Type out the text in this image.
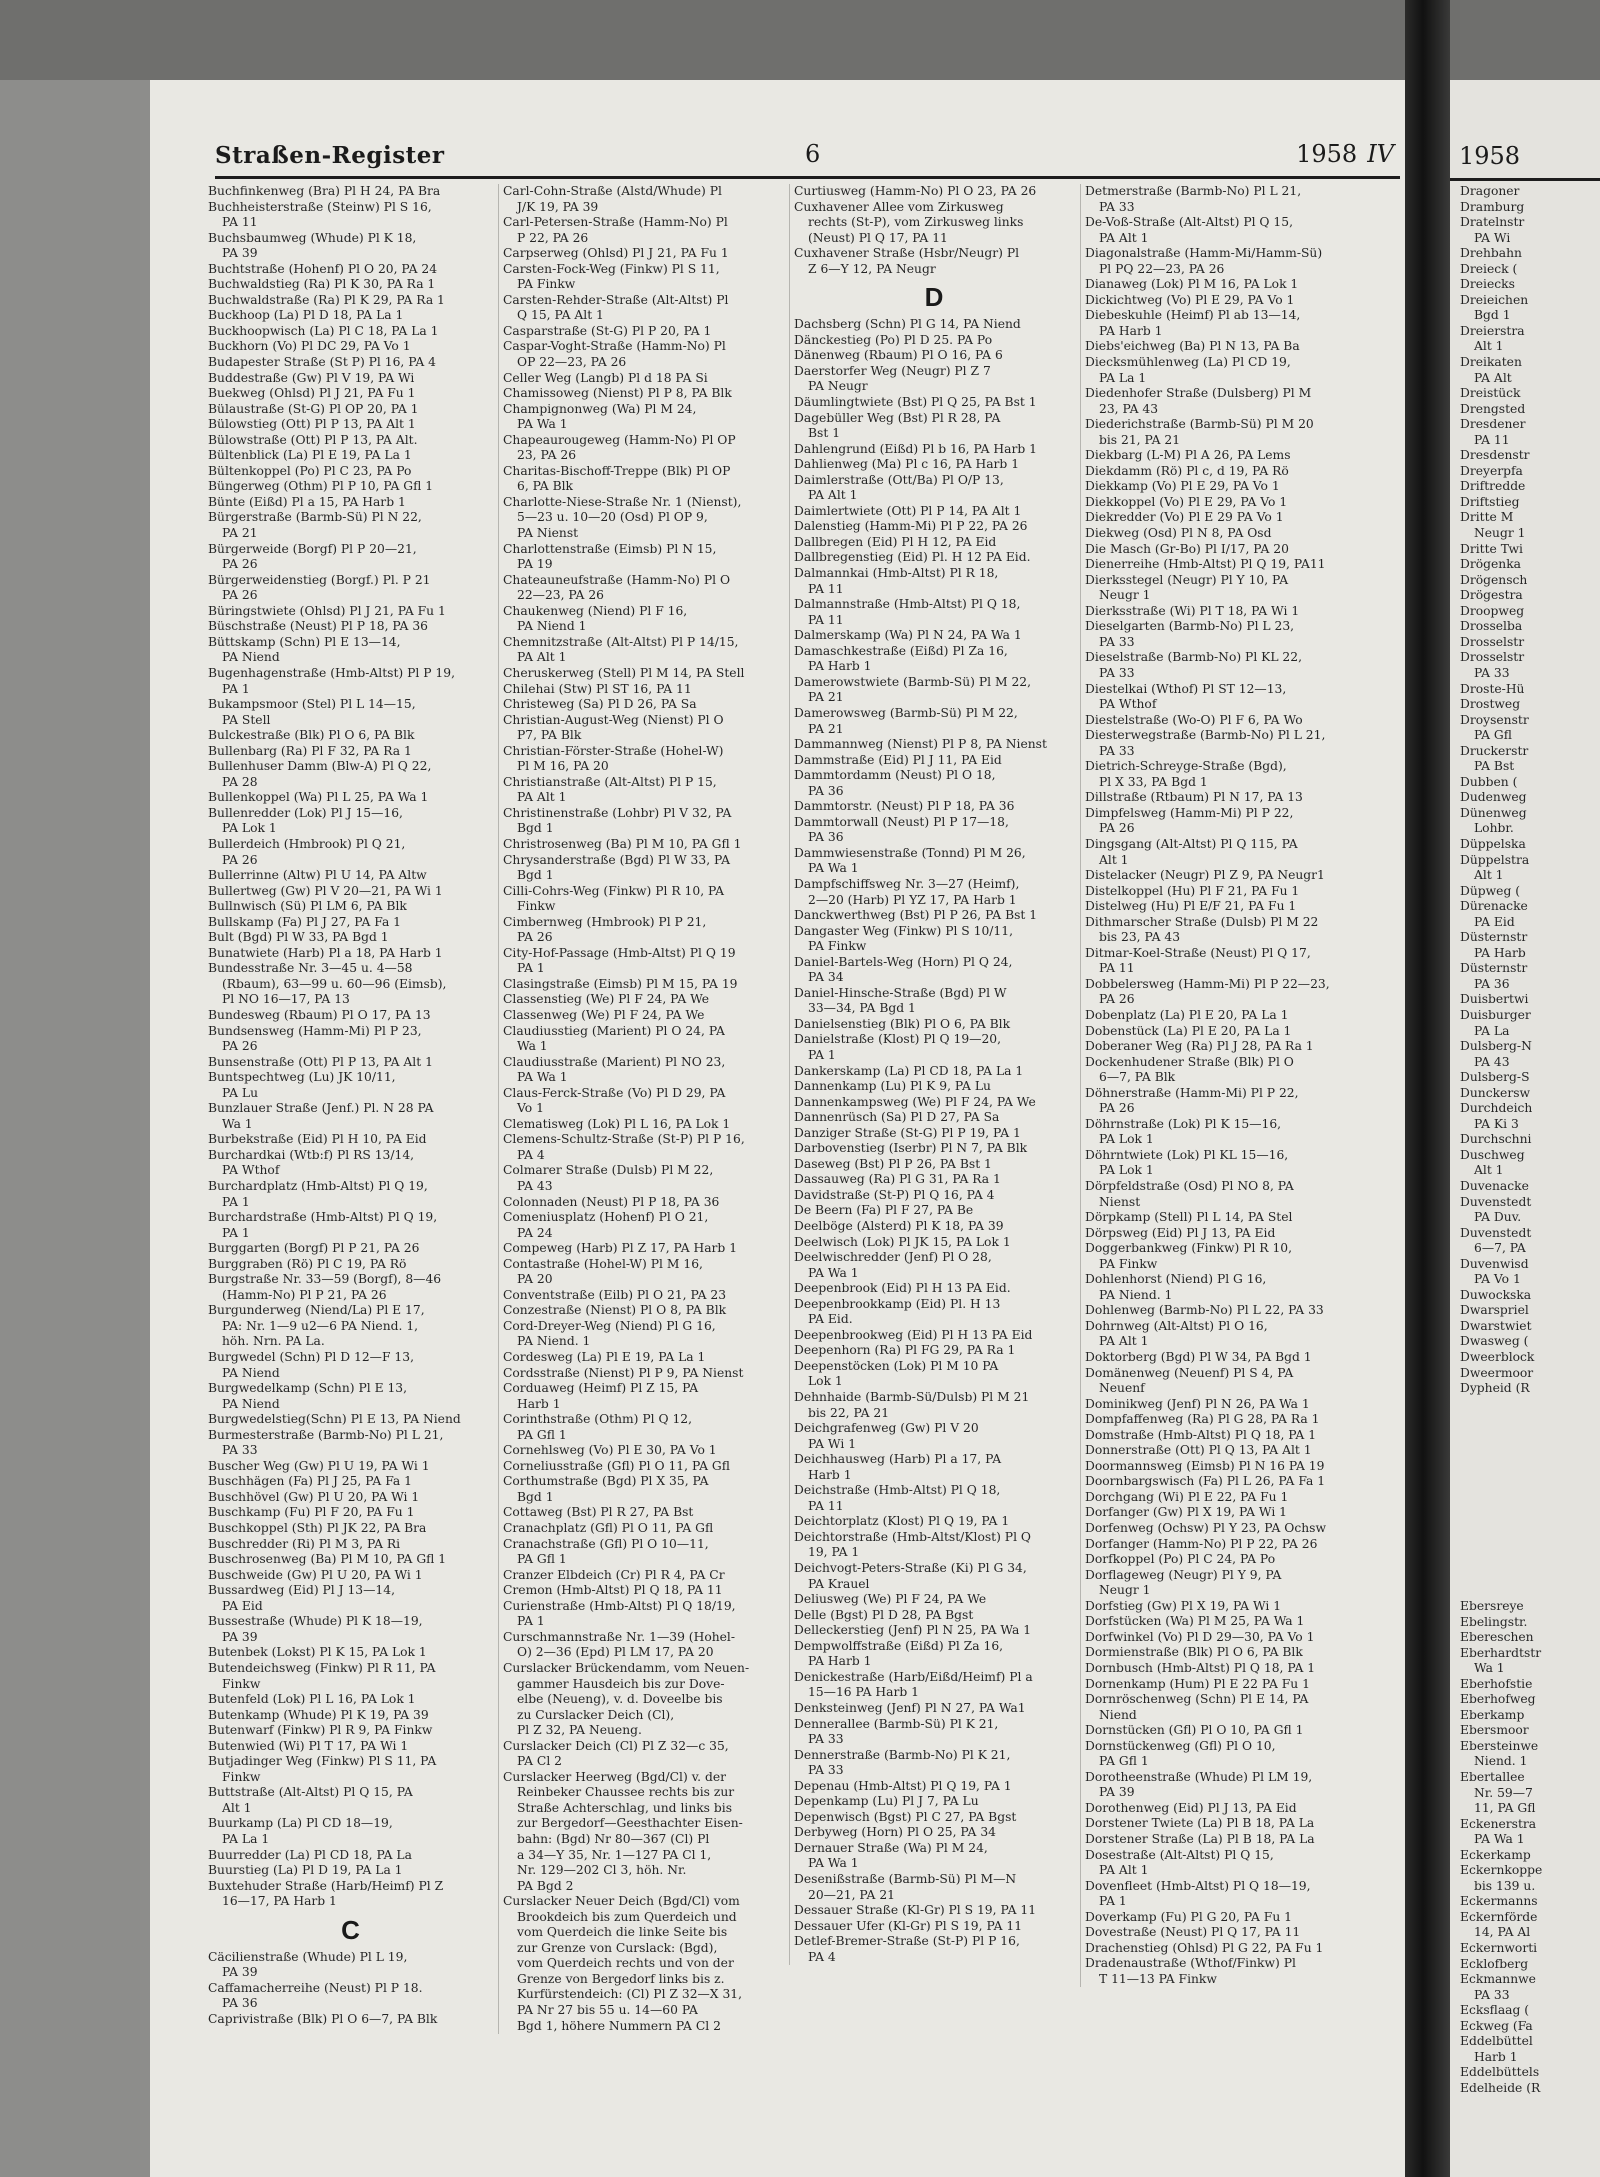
Straßen-Register	6	1958 IV
Buchfinkenweg (Bra) Pl H 24, PA Bra
Buchheisterstraße (Steinw) Pl S 16,
PA 11
Buchsbaumweg (Whude) Pl K 18,
PA 39
Buchtstraße (Hohenf) Pl O 20, PA 24
Buchwaldstieg (Ra) Pl K 30, PA Ra 1
Buchwaldstraße (Ra) Pl K 29, PA Ra 1
Buckhoop (La) Pl D 18, PA La 1
Buckhoopwisch (La) Pl C 18, PA La 1
Buckhorn (Vo) Pl DC 29, PA Vo 1
Budapester Straße (St P) Pl 16, PA 4
Buddestraße (Gw) Pl V 19, PA Wi
Buekweg (Ohlsd) Pl J 21, PA Fu 1
Bülaustraße (St-G) Pl OP 20, PA 1
Bülowstieg (Ott) Pl P 13, PA Alt 1
Bülowstraße (Ott) Pl P 13, PA Alt.
Bültenblick (La) Pl E 19, PA La 1
Bültenkoppel (Po) Pl C 23, PA Po
Büngerweg (Othm) Pl P 10, PA Gfl 1
Bünte (Eißd) Pl a 15, PA Harb 1
Bürgerstraße (Barmb-Sü) Pl N 22,
PA 21
Bürgerweide (Borgf) Pl P 20—21,
PA 26
Bürgerweidenstieg (Borgf.) Pl. P 21
PA 26
Büringstwiete (Ohlsd) Pl J 21, PA Fu 1
Büschstraße (Neust) Pl P 18, PA 36
Büttskamp (Schn) Pl E 13—14,
PA Niend
Bugenhagenstraße (Hmb-Altst) Pl P 19,
PA 1
Bukampsmoor (Stel) Pl L 14—15,
PA Stell
Bulckestraße (Blk) Pl O 6, PA Blk
Bullenbarg (Ra) Pl F 32, PA Ra 1
Bullenhuser Damm (Blw-A) Pl Q 22,
PA 28
Bullenkoppel (Wa) Pl L 25, PA Wa 1
Bullenredder (Lok) Pl J 15—16,
PA Lok 1
Bullerdeich (Hmbrook) Pl Q 21,
PA 26
Bullerrinne (Altw) Pl U 14, PA Altw
Bullertweg (Gw) Pl V 20—21, PA Wi 1
Bullnwisch (Sü) Pl LM 6, PA Blk
Bullskamp (Fa) Pl J 27, PA Fa 1
Bult (Bgd) Pl W 33, PA Bgd 1
Bunatwiete (Harb) Pl a 18, PA Harb 1
Bundesstraße Nr. 3—45 u. 4—58
(Rbaum), 63—99 u. 60—96 (Eimsb),
Pl NO 16—17, PA 13
Bundesweg (Rbaum) Pl O 17, PA 13
Bundsensweg (Hamm-Mi) Pl P 23,
PA 26
Bunsenstraße (Ott) Pl P 13, PA Alt 1
Buntspechtweg (Lu) JK 10/11,
PA Lu
Bunzlauer Straße (Jenf.) Pl. N 28 PA
Wa 1
Burbekstraße (Eid) Pl H 10, PA Eid
Burchardkai (Wtb:f) Pl RS 13/14,
PA Wthof
Burchardplatz (Hmb-Altst) Pl Q 19,
PA 1
Burchardstraße (Hmb-Altst) Pl Q 19,
PA 1
Burggarten (Borgf) Pl P 21, PA 26
Burggraben (Rö) Pl C 19, PA Rö
Burgstraße Nr. 33—59 (Borgf), 8—46
(Hamm-No) Pl P 21, PA 26
Burgunderweg (Niend/La) Pl E 17,
PA: Nr. 1—9 u2—6 PA Niend. 1,
höh. Nrn. PA La.
Burgwedel (Schn) Pl D 12—F 13,
PA Niend
Burgwedelkamp (Schn) Pl E 13,
PA Niend
Burgwedelstieg(Schn) Pl E 13, PA Niend
Burmesterstraße (Barmb-No) Pl L 21,
PA 33
Buscher Weg (Gw) Pl U 19, PA Wi 1
Buschhägen (Fa) Pl J 25, PA Fa 1
Buschhövel (Gw) Pl U 20, PA Wi 1
Buschkamp (Fu) Pl F 20, PA Fu 1
Buschkoppel (Sth) Pl JK 22, PA Bra
Buschredder (Ri) Pl M 3, PA Ri
Buschrosenweg (Ba) Pl M 10, PA Gfl 1
Buschweide (Gw) Pl U 20, PA Wi 1
Bussardweg (Eid) Pl J 13—14,
PA Eid
Bussestraße (Whude) Pl K 18—19,
PA 39
Butenbek (Lokst) Pl K 15, PA Lok 1
Butendeichsweg (Finkw) Pl R 11, PA
Finkw
Butenfeld (Lok) Pl L 16, PA Lok 1
Butenkamp (Whude) Pl K 19, PA 39
Butenwarf (Finkw) Pl R 9, PA Finkw
Butenwied (Wi) Pl T 17, PA Wi 1
Butjadinger Weg (Finkw) Pl S 11, PA
Finkw
Buttstraße (Alt-Altst) Pl Q 15, PA
Alt 1
Buurkamp (La) Pl CD 18—19,
PA La 1
Buurredder (La) Pl CD 18, PA La
Buurstieg (La) Pl D 19, PA La 1
Buxtehuder Straße (Harb/Heimf) Pl Z
16—17, PA Harb 1
C
Cäcilienstraße (Whude) Pl L 19,
PA 39
Caffamacherreihe (Neust) Pl P 18.
PA 36
Caprivistraße (Blk) Pl O 6—7, PA Blk
Carl-Cohn-Straße (Alstd/Whude) Pl
J/K 19, PA 39
Carl-Petersen-Straße (Hamm-No) Pl
P 22, PA 26
Carpserweg (Ohlsd) Pl J 21, PA Fu 1
Carsten-Fock-Weg (Finkw) Pl S 11,
PA Finkw
Carsten-Rehder-Straße (Alt-Altst) Pl
Q 15, PA Alt 1
Casparstraße (St-G) Pl P 20, PA 1
Caspar-Voght-Straße (Hamm-No) Pl
OP 22—23, PA 26
Celler Weg (Langb) Pl d 18 PA Si
Chamissoweg (Nienst) Pl P 8, PA Blk
Champignonweg (Wa) Pl M 24,
PA Wa 1
Chapeaurougeweg (Hamm-No) Pl OP
23, PA 26
Charitas-Bischoff-Treppe (Blk) Pl OP
6, PA Blk
Charlotte-Niese-Straße Nr. 1 (Nienst),
5—23 u. 10—20 (Osd) Pl OP 9,
PA Nienst
Charlottenstraße (Eimsb) Pl N 15,
PA 19
Chateauneufstraße (Hamm-No) Pl O
22—23, PA 26
Chaukenweg (Niend) Pl F 16,
PA Niend 1
Chemnitzstraße (Alt-Altst) Pl P 14/15,
PA Alt 1
Cheruskerweg (Stell) Pl M 14, PA Stell
Chilehai (Stw) Pl ST 16, PA 11
Christeweg (Sa) Pl D 26, PA Sa
Christian-August-Weg (Nienst) Pl O
P7, PA Blk
Christian-Förster-Straße (Hohel-W)
Pl M 16, PA 20
Christianstraße (Alt-Altst) Pl P 15,
PA Alt 1
Christinenstraße (Lohbr) Pl V 32, PA
Bgd 1
Christrosenweg (Ba) Pl M 10, PA Gfl 1
Chrysanderstraße (Bgd) Pl W 33, PA
Bgd 1
Cilli-Cohrs-Weg (Finkw) Pl R 10, PA
Finkw
Cimbernweg (Hmbrook) Pl P 21,
PA 26
City-Hof-Passage (Hmb-Altst) Pl Q 19
PA 1
Clasingstraße (Eimsb) Pl M 15, PA 19
Classenstieg (We) Pl F 24, PA We
Classenweg (We) Pl F 24, PA We
Claudiusstieg (Marient) Pl O 24, PA
Wa 1
Claudiusstraße (Marient) Pl NO 23,
PA Wa 1
Claus-Ferck-Straße (Vo) Pl D 29, PA
Vo 1
Clematisweg (Lok) Pl L 16, PA Lok 1
Clemens-Schultz-Straße (St-P) Pl P 16,
PA 4
Colmarer Straße (Dulsb) Pl M 22,
PA 43
Colonnaden (Neust) Pl P 18, PA 36
Comeniusplatz (Hohenf) Pl O 21,
PA 24
Compeweg (Harb) Pl Z 17, PA Harb 1
Contastraße (Hohel-W) Pl M 16,
PA 20
Conventstraße (Eilb) Pl O 21, PA 23
Conzestraße (Nienst) Pl O 8, PA Blk
Cord-Dreyer-Weg (Niend) Pl G 16,
PA Niend. 1
Cordesweg (La) Pl E 19, PA La 1
Cordsstraße (Nienst) Pl P 9, PA Nienst
Corduaweg (Heimf) Pl Z 15, PA
Harb 1
Corinthstraße (Othm) Pl Q 12,
PA Gfl 1
Cornehlsweg (Vo) Pl E 30, PA Vo 1
Corneliusstraße (Gfl) Pl O 11, PA Gfl
Corthumstraße (Bgd) Pl X 35, PA
Bgd 1
Cottaweg (Bst) Pl R 27, PA Bst
Cranachplatz (Gfl) Pl O 11, PA Gfl
Cranachstraße (Gfl) Pl O 10—11,
PA Gfl 1
Cranzer Elbdeich (Cr) Pl R 4, PA Cr
Cremon (Hmb-Altst) Pl Q 18, PA 11
Curienstraße (Hmb-Altst) Pl Q 18/19,
PA 1
Curschmannstraße Nr. 1—39 (Hohel-
O) 2—36 (Epd) Pl LM 17, PA 20
Curslacker Brückendamm, vom Neuen-
gammer Hausdeich bis zur Dove-
elbe (Neueng), v. d. Doveelbe bis
zu Curslacker Deich (Cl),
Pl Z 32, PA Neueng.
Curslacker Deich (Cl) Pl Z 32—c 35,
PA Cl 2
Curslacker Heerweg (Bgd/Cl) v. der
Reinbeker Chaussee rechts bis zur
Straße Achterschlag, und links bis
zur Bergedorf—Geesthachter Eisen-
bahn: (Bgd) Nr 80—367 (Cl) Pl
a 34—Y 35, Nr. 1—127 PA Cl 1,
Nr. 129—202 Cl 3, höh. Nr.
PA Bgd 2
Curslacker Neuer Deich (Bgd/Cl) vom
Brookdeich bis zum Querdeich und
vom Querdeich die linke Seite bis
zur Grenze von Curslack: (Bgd),
vom Querdeich rechts und von der
Grenze von Bergedorf links bis z.
Kurfürstendeich: (Cl) Pl Z 32—X 31,
PA Nr 27 bis 55 u. 14—60 PA
Bgd 1, höhere Nummern PA Cl 2
Curtiusweg (Hamm-No) Pl O 23, PA 26
Cuxhavener Allee vom Zirkusweg
rechts (St-P), vom Zirkusweg links
(Neust) Pl Q 17, PA 11
Cuxhavener Straße (Hsbr/Neugr) Pl
Z 6—Y 12, PA Neugr
D
Dachsberg (Schn) Pl G 14, PA Niend
Dänckestieg (Po) Pl D 25. PA Po
Dänenweg (Rbaum) Pl O 16, PA 6
Daerstorfer Weg (Neugr) Pl Z 7
PA Neugr
Däumlingtwiete (Bst) Pl Q 25, PA Bst 1
Dagebüller Weg (Bst) Pl R 28, PA
Bst 1
Dahlengrund (Eißd) Pl b 16, PA Harb 1
Dahlienweg (Ma) Pl c 16, PA Harb 1
Daimlerstraße (Ott/Ba) Pl O/P 13,
PA Alt 1
Daimlertwiete (Ott) Pl P 14, PA Alt 1
Dalenstieg (Hamm-Mi) Pl P 22, PA 26
Dallbregen (Eid) Pl H 12, PA Eid
Dallbregenstieg (Eid) Pl. H 12 PA Eid.
Dalmannkai (Hmb-Altst) Pl R 18,
PA 11
Dalmannstraße (Hmb-Altst) Pl Q 18,
PA 11
Dalmerskamp (Wa) Pl N 24, PA Wa 1
Damaschkestraße (Eißd) Pl Za 16,
PA Harb 1
Damerowstwiete (Barmb-Sü) Pl M 22,
PA 21
Damerowsweg (Barmb-Sü) Pl M 22,
PA 21
Dammannweg (Nienst) Pl P 8, PA Nienst
Dammstraße (Eid) Pl J 11, PA Eid
Dammtordamm (Neust) Pl O 18,
PA 36
Dammtorstr. (Neust) Pl P 18, PA 36
Dammtorwall (Neust) Pl P 17—18,
PA 36
Dammwiesenstraße (Tonnd) Pl M 26,
PA Wa 1
Dampfschiffsweg Nr. 3—27 (Heimf),
2—20 (Harb) Pl YZ 17, PA Harb 1
Danckwerthweg (Bst) Pl P 26, PA Bst 1
Dangaster Weg (Finkw) Pl S 10/11,
PA Finkw
Daniel-Bartels-Weg (Horn) Pl Q 24,
PA 34
Daniel-Hinsche-Straße (Bgd) Pl W
33—34, PA Bgd 1
Danielsenstieg (Blk) Pl O 6, PA Blk
Danielstraße (Klost) Pl Q 19—20,
PA 1
Dankerskamp (La) Pl CD 18, PA La 1
Dannenkamp (Lu) Pl K 9, PA Lu
Dannenkampsweg (We) Pl F 24, PA We
Dannenrüsch (Sa) Pl D 27, PA Sa
Danziger Straße (St-G) Pl P 19, PA 1
Darbovenstieg (Iserbr) Pl N 7, PA Blk
Daseweg (Bst) Pl P 26, PA Bst 1
Dassauweg (Ra) Pl G 31, PA Ra 1
Davidstraße (St-P) Pl Q 16, PA 4
De Beern (Fa) Pl F 27, PA Be
Deelböge (Alsterd) Pl K 18, PA 39
Deelwisch (Lok) Pl JK 15, PA Lok 1
Deelwischredder (Jenf) Pl O 28,
PA Wa 1
Deepenbrook (Eid) Pl H 13 PA Eid.
Deepenbrookkamp (Eid) Pl. H 13
PA Eid.
Deepenbrookweg (Eid) Pl H 13 PA Eid
Deepenhorn (Ra) Pl FG 29, PA Ra 1
Deepenstöcken (Lok) Pl M 10 PA
Lok 1
Dehnhaide (Barmb-Sü/Dulsb) Pl M 21
bis 22, PA 21
Deichgrafenweg (Gw) Pl V 20
PA Wi 1
Deichhausweg (Harb) Pl a 17, PA
Harb 1
Deichstraße (Hmb-Altst) Pl Q 18,
PA 11
Deichtorplatz (Klost) Pl Q 19, PA 1
Deichtorstraße (Hmb-Altst/Klost) Pl Q
19, PA 1
Deichvogt-Peters-Straße (Ki) Pl G 34,
PA Krauel
Deliusweg (We) Pl F 24, PA We
Delle (Bgst) Pl D 28, PA Bgst
Delleckerstieg (Jenf) Pl N 25, PA Wa 1
Dempwolffstraße (Eißd) Pl Za 16,
PA Harb 1
Denickestraße (Harb/Eißd/Heimf) Pl a
15—16 PA Harb 1
Denksteinweg (Jenf) Pl N 27, PA Wa1
Dennerallee (Barmb-Sü) Pl K 21,
PA 33
Dennerstraße (Barmb-No) Pl K 21,
PA 33
Depenau (Hmb-Altst) Pl Q 19, PA 1
Depenkamp (Lu) Pl J 7, PA Lu
Depenwisch (Bgst) Pl C 27, PA Bgst
Derbyweg (Horn) Pl O 25, PA 34
Dernauer Straße (Wa) Pl M 24,
PA Wa 1
Desenißstraße (Barmb-Sü) Pl M—N
20—21, PA 21
Dessauer Straße (Kl-Gr) Pl S 19, PA 11
Dessauer Ufer (Kl-Gr) Pl S 19, PA 11
Detlef-Bremer-Straße (St-P) Pl P 16,
PA 4
Detmerstraße (Barmb-No) Pl L 21,
PA 33
De-Voß-Straße (Alt-Altst) Pl Q 15,
PA Alt 1
Diagonalstraße (Hamm-Mi/Hamm-Sü)
Pl PQ 22—23, PA 26
Dianaweg (Lok) Pl M 16, PA Lok 1
Dickichtweg (Vo) Pl E 29, PA Vo 1
Diebeskuhle (Heimf) Pl ab 13—14,
PA Harb 1
Diebs'eichweg (Ba) Pl N 13, PA Ba
Diecksmühlenweg (La) Pl CD 19,
PA La 1
Diedenhofer Straße (Dulsberg) Pl M
23, PA 43
Diederichstraße (Barmb-Sü) Pl M 20
bis 21, PA 21
Diekbarg (L-M) Pl A 26, PA Lems
Diekdamm (Rö) Pl c, d 19, PA Rö
Diekkamp (Vo) Pl E 29, PA Vo 1
Diekkoppel (Vo) Pl E 29, PA Vo 1
Diekredder (Vo) Pl E 29 PA Vo 1
Diekweg (Osd) Pl N 8, PA Osd
Die Masch (Gr-Bo) Pl I/17, PA 20
Dienerreihe (Hmb-Altst) Pl Q 19, PA11
Dierksstegel (Neugr) Pl Y 10, PA
Neugr 1
Dierksstraße (Wi) Pl T 18, PA Wi 1
Dieselgarten (Barmb-No) Pl L 23,
PA 33
Dieselstraße (Barmb-No) Pl KL 22,
PA 33
Diestelkai (Wthof) Pl ST 12—13,
PA Wthof
Diestelstraße (Wo-O) Pl F 6, PA Wo
Diesterwegstraße (Barmb-No) Pl L 21,
PA 33
Dietrich-Schreyge-Straße (Bgd),
Pl X 33, PA Bgd 1
Dillstraße (Rtbaum) Pl N 17, PA 13
Dimpfelsweg (Hamm-Mi) Pl P 22,
PA 26
Dingsgang (Alt-Altst) Pl Q 115, PA
Alt 1
Distelacker (Neugr) Pl Z 9, PA Neugr1
Distelkoppel (Hu) Pl F 21, PA Fu 1
Distelweg (Hu) Pl E/F 21, PA Fu 1
Dithmarscher Straße (Dulsb) Pl M 22
bis 23, PA 43
Ditmar-Koel-Straße (Neust) Pl Q 17,
PA 11
Dobbelersweg (Hamm-Mi) Pl P 22—23,
PA 26
Dobenplatz (La) Pl E 20, PA La 1
Dobenstück (La) Pl E 20, PA La 1
Doberaner Weg (Ra) Pl J 28, PA Ra 1
Dockenhudener Straße (Blk) Pl O
6—7, PA Blk
Döhnerstraße (Hamm-Mi) Pl P 22,
PA 26
Döhrnstraße (Lok) Pl K 15—16,
PA Lok 1
Döhrntwiete (Lok) Pl KL 15—16,
PA Lok 1
Dörpfeldstraße (Osd) Pl NO 8, PA
Nienst
Dörpkamp (Stell) Pl L 14, PA Stel
Dörpsweg (Eid) Pl J 13, PA Eid
Doggerbankweg (Finkw) Pl R 10,
PA Finkw
Dohlenhorst (Niend) Pl G 16,
PA Niend. 1
Dohlenweg (Barmb-No) Pl L 22, PA 33
Dohrnweg (Alt-Altst) Pl O 16,
PA Alt 1
Doktorberg (Bgd) Pl W 34, PA Bgd 1
Domänenweg (Neuenf) Pl S 4, PA
Neuenf
Dominikweg (Jenf) Pl N 26, PA Wa 1
Dompfaffenweg (Ra) Pl G 28, PA Ra 1
Domstraße (Hmb-Altst) Pl Q 18, PA 1
Donnerstraße (Ott) Pl Q 13, PA Alt 1
Doormannsweg (Eimsb) Pl N 16 PA 19
Doornbargswisch (Fa) Pl L 26, PA Fa 1
Dorchgang (Wi) Pl E 22, PA Fu 1
Dorfanger (Gw) Pl X 19, PA Wi 1
Dorfenweg (Ochsw) Pl Y 23, PA Ochsw
Dorfanger (Hamm-No) Pl P 22, PA 26
Dorfkoppel (Po) Pl C 24, PA Po
Dorflageweg (Neugr) Pl Y 9, PA
Neugr 1
Dorfstieg (Gw) Pl X 19, PA Wi 1
Dorfstücken (Wa) Pl M 25, PA Wa 1
Dorfwinkel (Vo) Pl D 29—30, PA Vo 1
Dormienstraße (Blk) Pl O 6, PA Blk
Dornbusch (Hmb-Altst) Pl Q 18, PA 1
Dornenkamp (Hum) Pl E 22 PA Fu 1
Dornröschenweg (Schn) Pl E 14, PA
Niend
Dornstücken (Gfl) Pl O 10, PA Gfl 1
Dornstückenweg (Gfl) Pl O 10,
PA Gfl 1
Dorotheenstraße (Whude) Pl LM 19,
PA 39
Dorothenweg (Eid) Pl J 13, PA Eid
Dorstener Twiete (La) Pl B 18, PA La
Dorstener Straße (La) Pl B 18, PA La
Dosestraße (Alt-Altst) Pl Q 15,
PA Alt 1
Dovenfleet (Hmb-Altst) Pl Q 18—19,
PA 1
Doverkamp (Fu) Pl G 20, PA Fu 1
Dovestraße (Neust) Pl Q 17, PA 11
Drachenstieg (Ohlsd) Pl G 22, PA Fu 1
Dradenaustraße (Wthof/Finkw) Pl
T 11—13 PA Finkw
1958
Dragoner
Dramburg
Dratelnstr
PA Wi
Drehbahn
Dreieck (
Dreiecks
Dreieichen
Bgd 1
Dreierstra
Alt 1
Dreikaten
PA Alt
Dreistück
Drengsted
Dresdener
PA 11
Dresdenstr
Dreyerpfa
Driftredde
Driftstieg
Dritte M
Neugr 1
Dritte Twi
Drögenka
Drögensch
Drögestra
Droopweg
Drosselba
Drosselstr
Drosselstr
PA 33
Droste-Hü
Drostweg
Droysenstr
PA Gfl
Druckerstr
PA Bst
Dubben (
Dudenweg
Dünenweg
Lohbr.
Düppelska
Düppelstra
Alt 1
Düpweg (
Dürenacke
PA Eid
Düsternstr
PA Harb
Düsternstr
PA 36
Duisbertwi
Duisburger
PA La
Dulsberg-N
PA 43
Dulsberg-S
Dunckersw
Durchdeich
PA Ki 3
Durchschni
Duschweg
Alt 1
Duvenacke
Duvenstedt
PA Duv.
Duvenstedt
6—7, PA
Duvenwisd
PA Vo 1
Duwockska
Dwarspriel
Dwarstwiet
Dwasweg (
Dweerblock
Dweermoor
Dypheid (R
Ebersreye
Ebelingstr.
Ebereschen
Eberhardtstr
Wa 1
Eberhofstie
Eberhofweg
Eberkamp
Ebersmoor
Ebersteinwe
Niend. 1
Ebertallee
Nr. 59—7
11, PA Gfl
Eckenerstra
PA Wa 1
Eckerkamp
Eckernkoppe
bis 139 u.
Eckermanns
Eckernförde
14, PA Al
Eckernworti
Ecklofberg
Eckmannwe
PA 33
Ecksflaag (
Eckweg (Fa
Eddelbüttel
Harb 1
Eddelbüttels
Edelheide (R
